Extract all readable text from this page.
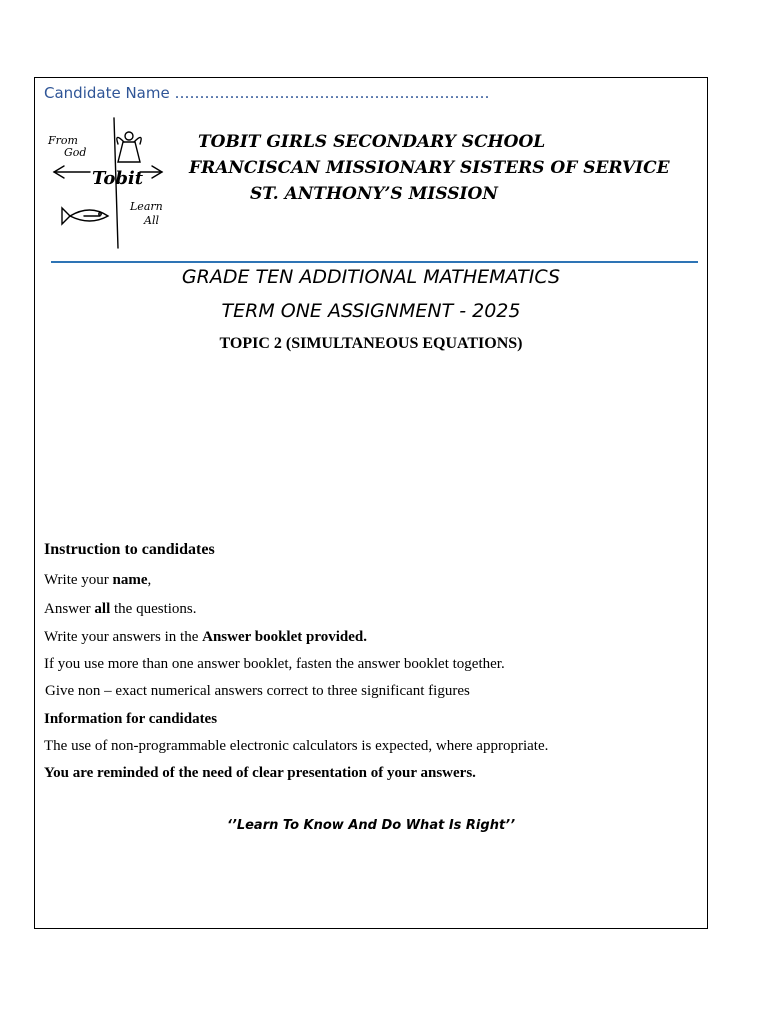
Candidate Name ………………………………………………………
From
God
Tobit
Learn
All
TOBIT GIRLS SECONDARY SCHOOL
FRANCISCAN MISSIONARY SISTERS OF SERVICE
ST. ANTHONY’S MISSION
GRADE TEN ADDITIONAL MATHEMATICS
TERM ONE ASSIGNMENT - 2025
TOPIC 2 (SIMULTANEOUS EQUATIONS)
Instruction to candidates
Write your name,
Answer all the questions.
Write your answers in the Answer booklet provided.
If you use more than one answer booklet, fasten the answer booklet together.
Give non – exact numerical answers correct to three significant figures
Information for candidates
The use of non-programmable electronic calculators is expected, where appropriate.
You are reminded of the need of clear presentation of your answers.
‘’Learn To Know And Do What Is Right’’
